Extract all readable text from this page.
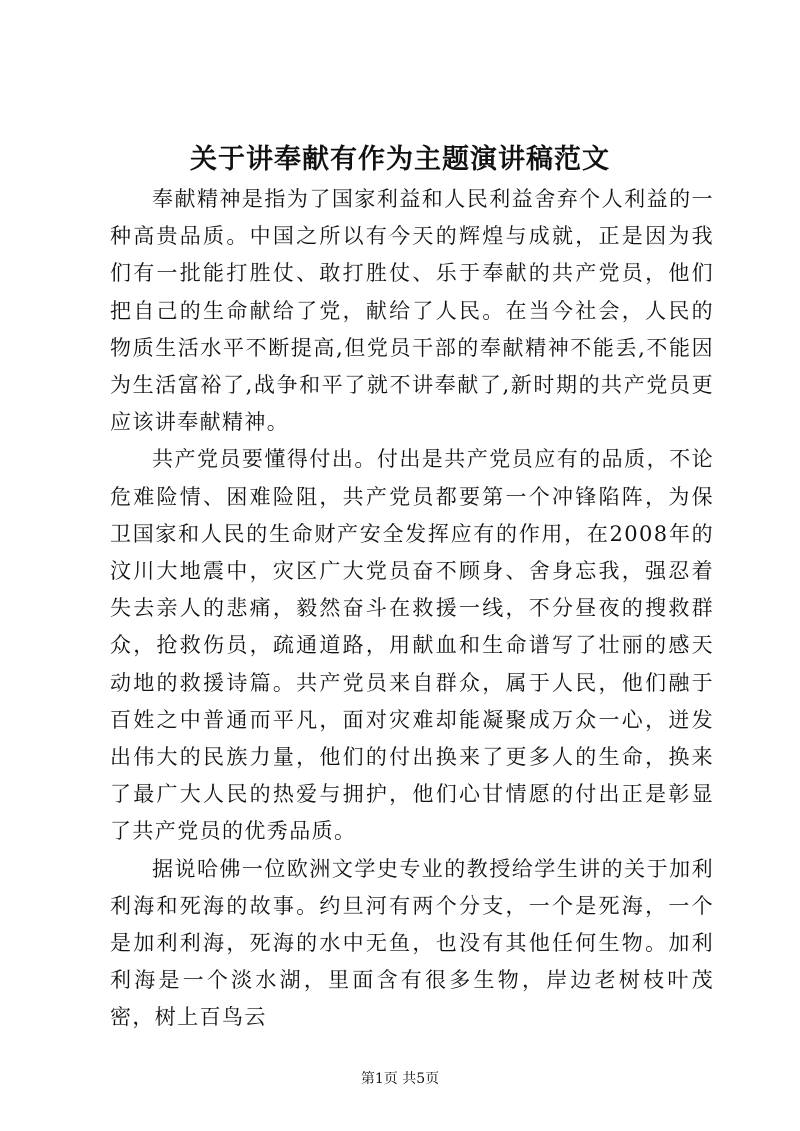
关于讲奉献有作为主题演讲稿范文

奉献精神是指为了国家利益和人民利益舍弃个人利益的一种高贵品质。中国之所以有今天的辉煌与成就，正是因为我们有一批能打胜仗、敢打胜仗、乐于奉献的共产党员，他们把自己的生命献给了党，献给了人民。在当今社会，人民的物质生活水平不断提高,但党员干部的奉献精神不能丢,不能因为生活富裕了,战争和平了就不讲奉献了,新时期的共产党员更应该讲奉献精神。

共产党员要懂得付出。付出是共产党员应有的品质，不论危难险情、困难险阻，共产党员都要第一个冲锋陷阵，为保卫国家和人民的生命财产安全发挥应有的作用，在2008年的汶川大地震中，灾区广大党员奋不顾身、舍身忘我，强忍着失去亲人的悲痛，毅然奋斗在救援一线，不分昼夜的搜救群众，抢救伤员，疏通道路，用献血和生命谱写了壮丽的感天动地的救援诗篇。共产党员来自群众，属于人民，他们融于百姓之中普通而平凡，面对灾难却能凝聚成万众一心，迸发出伟大的民族力量，他们的付出换来了更多人的生命，换来了最广大人民的热爱与拥护，他们心甘情愿的付出正是彰显了共产党员的优秀品质。

据说哈佛一位欧洲文学史专业的教授给学生讲的关于加利利海和死海的故事。约旦河有两个分支，一个是死海，一个是加利利海，死海的水中无鱼，也没有其他任何生物。加利利海是一个淡水湖，里面含有很多生物，岸边老树枝叶茂密，树上百鸟云

第1页 共5页
